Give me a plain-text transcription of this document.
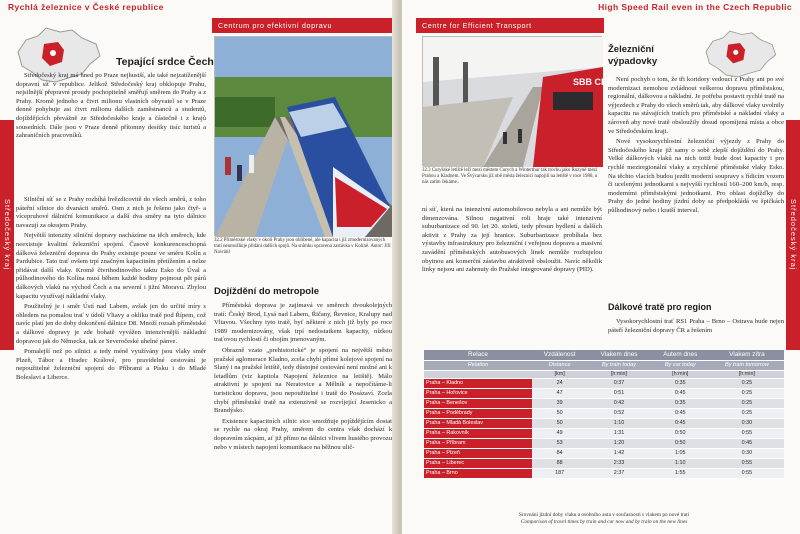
Rychlá železnice v České republice
Centrum pro efektivní dopravu
Středočeský kraj
Tepající srdce Čech

Středočeský kraj má hned po Praze nejhustší, ale také nejzatíženější dopravní síť v republice. Jelikož Středočeský kraj obklopuje Prahu, nejsilnější přepravní proudy pochopitelně směřují směrem do Prahy a z Prahy. Kromě jednoho a čtvrt milionu vlastních obyvatel se v Praze denně pohybuje asi čtvrt milionu dalších zaměstnanců a studentů, dojíždějících převážně ze Středočeského kraje a částečně i z krajů sousedních. Dále jsou v Praze denně přítomny desítky tisíc turistů a zahraničních pracovníků.

Silniční síť se z Prahy rozbíhá hvězdicovitě do všech směrů, z toho páteřní silnice do dvanácti směrů. Osm z nich je řešeno jako čtyř- a vícepruhové dálniční komunikace a další dva směry na tyto dálnice navazují za okrajem Prahy.

Největší intenzity silniční dopravy nacházíme na těch směrech, kde neexistuje kvalitní železniční spojení. Časově konkurenceschopná dálková železniční doprava do Prahy existuje pouze ve směru Kolín a Pardubice. Tato trať ovšem trpí značným kapacitním přetížením a nelze přidávat další vlaky. Kromě čtvrthodinového taktu Esko do Úval a půlhodinového do Kolína musí během každé hodiny pojmout pět párů dálkových vlaků na východ Čech a na severní i jižní Moravu. Zbylou kapacitu využívají nákladní vlaky.

Použitelný je i směr Ústí nad Labem, avšak jen do určité míry s ohledem na pomalou trať v údolí Vltavy a okliku tratě pod Řípem, což navíc platí jen do doby dokončení dálnice D8. Množí rozsah příměstské a dálkové dopravy je zde bohatě vyvážen intenzivnější nákladní dopravou jak do Německa, tak ze Severočeské uhelné pánve.

Pomalejší než po silnici a tedy méně využívány jsou vlaky směr Plzeň, Tábor a Hradec Králové, pro pravidelné cestování je nepoužitelné železniční spojení do Příbrami a Písku i do Mladé Boleslavi a Liberce.

32.2 Příměstské vlaky v okolí Prahy jsou oblíbené, ale kapacita i již zmodernizovaných tratí neumožňuje přidání dalších spojů. Na snímku opravená zastávka v Kolíně. Autor: Jiří Navrátil
Dojíždění do metropole

Příměstská doprava je zajímavá ve směrech dvoukolejných tratí: Český Brod, Lysá nad Labem, Řičany, Řevnice, Kralupy nad Vltavou. Všechny tyto tratě, byť některé z nich již byly po roce 1989 modernizovány, však trpí nedostatkem kapacity, nízkou traťovou rychlostí či obojím jmenovaným.

Obrazně vzato „prehistorické“ je spojení na největší město pražské aglomerace Kladno, zcela chybí přímé kolejové spojení na Slaný i na pražské letiště, tedy důstojné cestování není možné ani k letadlům (viz kapitola Napojení železnice na letiště). Málo atraktivní je spojení na Neratovice a Mělník a nepočítáme-li turistickou dopravu, jsou nepoužitelné i tratě do Posázaví. Zcela chybí příměstské tratě na extenzivně se rozvíjející Jesenicko a Brandýsko.

Existence kapacitních silnic sice umožňuje pojíždějícím dostat se rychle na okraj Prahy, směrem do centra však dochází k dopravním zácpám, ať již přímo na dálnici vlivem hustého provozu nebo v místech napojení komunikace na běžnou ulič-

High Speed Rail even in the Czech Republic
Centre for Efficient Transport
Středočeský kraj
SBB CFF
32.3 Curyšské letiště leží mezi městem Curych a Winterthur tak trochu jako Ruzyně mezi Prahou a Kladnem. Ve Švýcarsku již obě města železnicí napojili na letiště v roce 1980, u nás zatím čekáme..

ní síť, která na intenzivní automobilovou nebyla a ani nemůže být dimenzována. Silnou negativní roli hraje také intenzivní suburbanizace od 90. let 20. století, tedy přesun bydlení a dalších aktivit z Prahy za její hranice. Suburbanizace probíhala bez výstavby infrastruktury pro železniční i veřejnou dopravu a masivní zavádění příměstských autobusových linek nemůže rozbujelou obytnou ani komerční zástavbu atraktivně obsloužit. Navíc několik linky nejsou ani zahrnuty do Pražské integrované dopravy (PID).

Železniční výpadovky

Není pochyb o tom, že tři koridory vedoucí z Prahy ani po své modernizaci nemohou zvládnout veškerou dopravu příměstskou, regionální, dálkovou a nákladní. Je potřeba postavit rychlé tratě na výjezdech z Prahy do všech směrů tak, aby dálkové vlaky uvolnily kapacitu na stávajících tratích pro příměstské a nákladní vlaky a zároveň aby nové tratě obsloužily dosud opomíjená místa a obce ve Středočeském kraji.

Nové vysokorychlostní železniční výjezdy z Prahy do Středočeského kraje již samy o sobě zlepší dojíždění do Prahy. Velké dálkových vlaků na nich totiž bude dost kapacity i pro rychlé meziregionální vlaky a zrychlené příměstské vlaky Esko. Na těchto vlacích budou jezdit moderní soupravy s řídicím vozem či ucelenými jednotkami s nejvyšší rychlostí 160–200 km/h, resp. moderními příměstskými jednotkami. Pro oblast dojížďky do Prahy do jedné hodiny jízdní doby se předpokládá ve špičkách půlhodinový nebo i kratší interval.

Dálkové tratě pro region

Vysokorychlostní trať RS1 Praha – Brno – Ostrava bude nejen páteří železniční dopravy ČR a řešením

Relace	Vzdálenost	Vlakem dnes	Autem dnes	Vlakem zítra
Relation	Distance	By train today	By car today	By train tomorrow
	[km]	[h:min]	[h:min]	[h:min]
Praha – Kladno	24	0:37	0:35	0:25
Praha – Hořovice	47	0:51	0:45	0:25
Praha – Benešov	39	0:42	0:35	0:25
Praha – Poděbrady	50	0:52	0:45	0:25
Praha – Mladá Boleslav	50	1:10	0:45	0:30
Praha – Rakovník	49	1:31	0:50	0:55
Praha – Příbram	53	1:20	0:50	0:45
Praha – Plzeň	84	1:42	1:05	0:30
Praha – Liberec	88	2:33	1:10	0:55
Praha – Brno	187	2:37	1:55	0:55
Srovnání jízdní doby vlaku a osobního auta v současnosti s vlakem po nové trati
Comparison of travel times by train and car now and by train on the new lines
